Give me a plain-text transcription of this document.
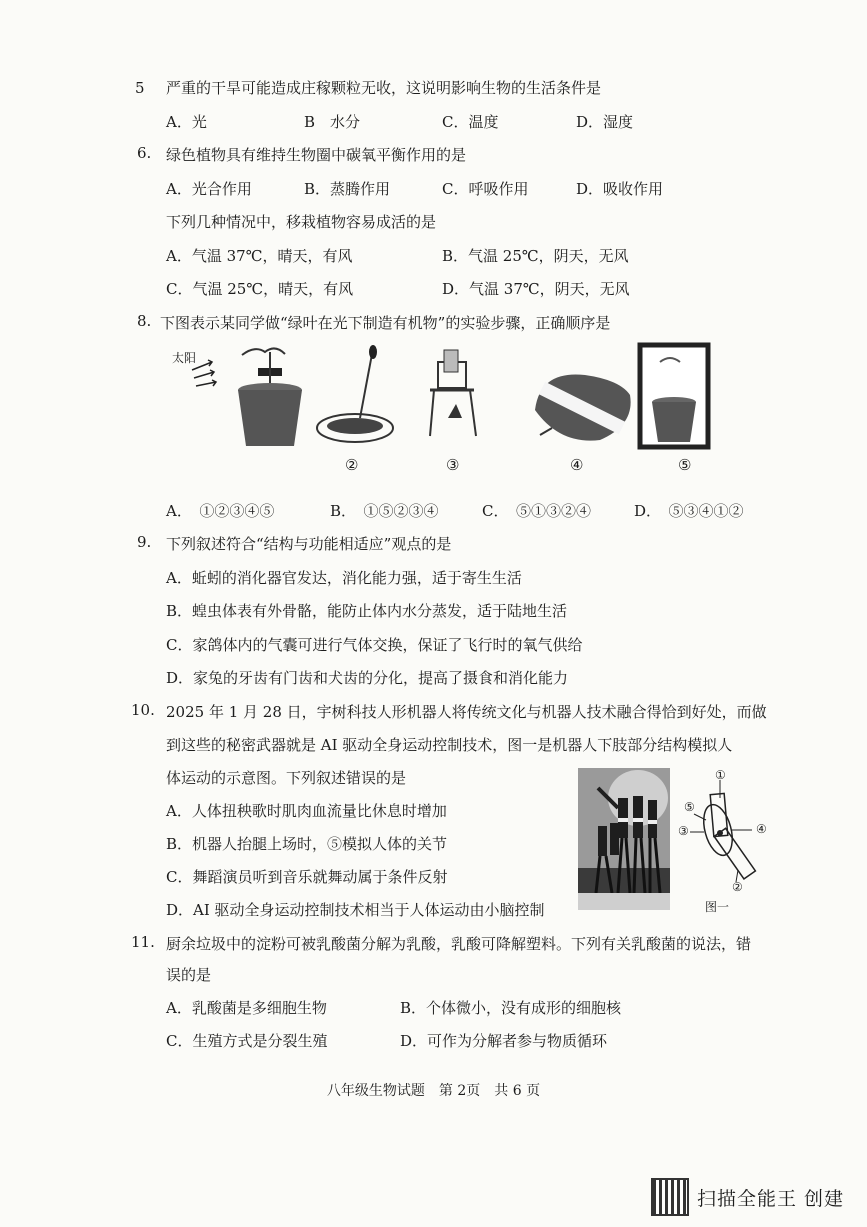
5 严重的干旱可能造成庄稼颗粒无收，这说明影响生物的生活条件是
A．光	B　水分	C．温度	D．湿度
6. 绿色植物具有维持生物圈中碳氧平衡作用的是
A．光合作用	B．蒸腾作用	C．呼吸作用	D．吸收作用
下列几种情况中，移栽植物容易成活的是
A．气温 37℃，晴天，有风	B．气温 25℃，阴天，无风
C．气温 25℃，晴天，有风	D．气温 37℃，阴天，无风
8. 下图表示某同学做“绿叶在光下制造有机物”的实验步骤，正确顺序是
太阳
②	③	④	⑤
A．　①②③④⑤	B．　①⑤②③④	C．　⑤①③②④	D．　⑤③④①②
9. 下列叙述符合“结构与功能相适应”观点的是
A．蚯蚓的消化器官发达，消化能力强，适于寄生生活
B．蝗虫体表有外骨骼，能防止体内水分蒸发，适于陆地生活
C．家鸽体内的气囊可进行气体交换，保证了飞行时的氧气供给
D．家兔的牙齿有门齿和犬齿的分化，提高了摄食和消化能力
10. 2025 年 1 月 28 日，宇树科技人形机器人将传统文化与机器人技术融合得恰到好处，而做
到这些的秘密武器就是 AI 驱动全身运动控制技术，图一是机器人下肢部分结构模拟人
体运动的示意图。下列叙述错误的是
A．人体扭秧歌时肌肉血流量比休息时增加
B．机器人抬腿上场时，⑤模拟人体的关节
C．舞蹈演员听到音乐就舞动属于条件反射
D．AI 驱动全身运动控制技术相当于人体运动由小脑控制
①
⑤
③	④
②
图一
11. 厨余垃圾中的淀粉可被乳酸菌分解为乳酸，乳酸可降解塑料。下列有关乳酸菌的说法，错
误的是
A．乳酸菌是多细胞生物	B．个体微小，没有成形的细胞核
C．生殖方式是分裂生殖	D．可作为分解者参与物质循环
八年级生物试题　第 2页　共 6 页
扫描全能王 创建
